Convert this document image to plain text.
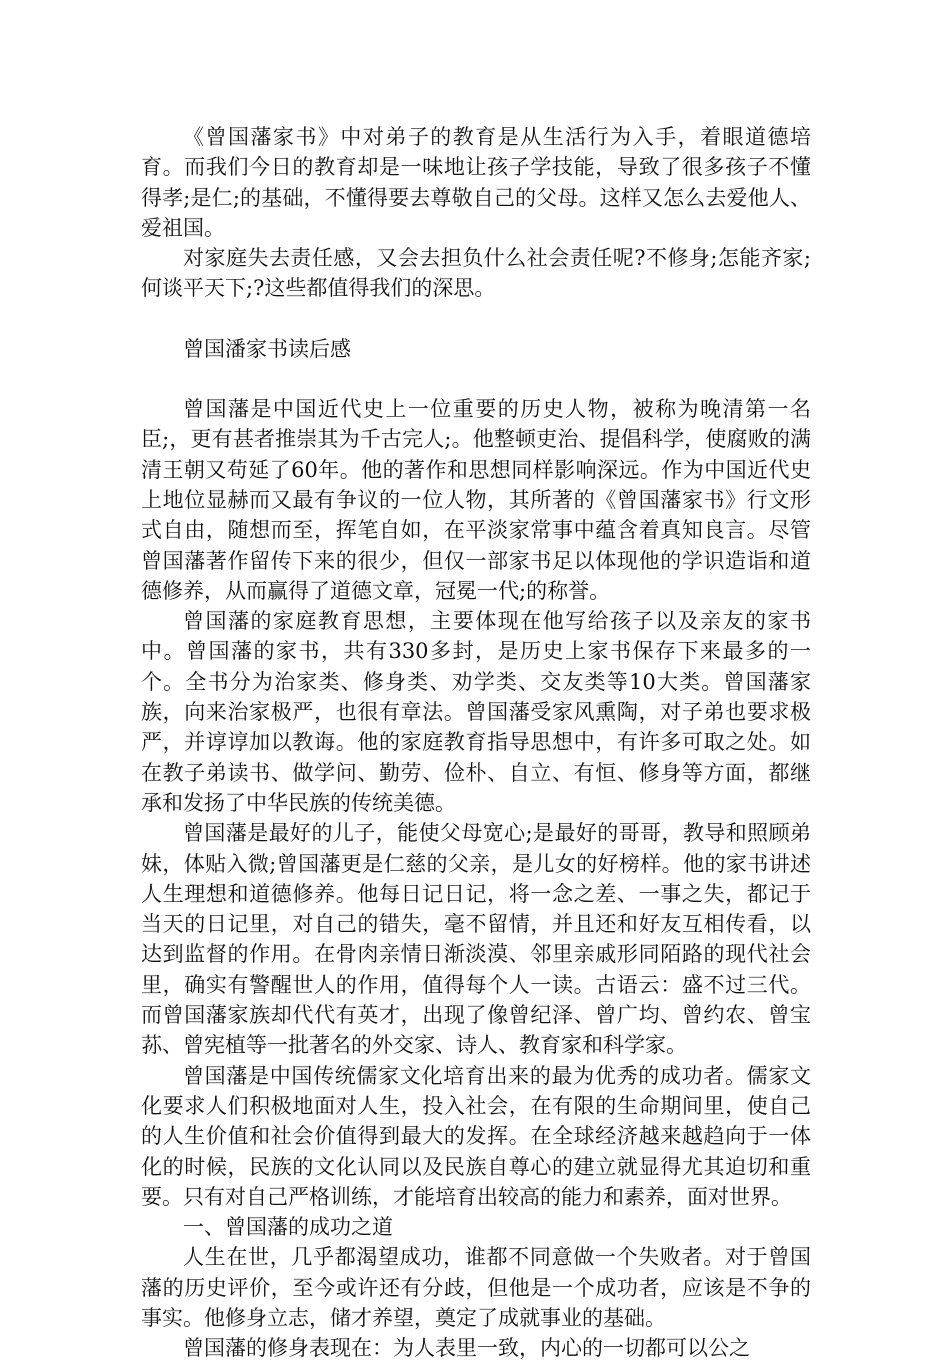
《曾国藩家书》中对弟子的教育是从生活行为入手，着眼道德培育。而我们今日的教育却是一味地让孩子学技能，导致了很多孩子不懂得孝;是仁;的基础，不懂得要去尊敬自己的父母。这样又怎么去爱他人、爱祖国。

对家庭失去责任感，又会去担负什么社会责任呢?不修身;怎能齐家;何谈平天下;?这些都值得我们的深思。

曾国潘家书读后感

曾国藩是中国近代史上一位重要的历史人物，被称为晚清第一名臣;，更有甚者推崇其为千古完人;。他整顿吏治、提倡科学，使腐败的满清王朝又苟延了60年。他的著作和思想同样影响深远。作为中国近代史上地位显赫而又最有争议的一位人物，其所著的《曾国藩家书》行文形式自由，随想而至，挥笔自如，在平淡家常事中蕴含着真知良言。尽管曾国藩著作留传下来的很少，但仅一部家书足以体现他的学识造诣和道德修养，从而赢得了道德文章，冠冕一代;的称誉。

曾国藩的家庭教育思想，主要体现在他写给孩子以及亲友的家书中。曾国藩的家书，共有330多封，是历史上家书保存下来最多的一个。全书分为治家类、修身类、劝学类、交友类等10大类。曾国藩家族，向来治家极严，也很有章法。曾国藩受家风熏陶，对子弟也要求极严，并谆谆加以教诲。他的家庭教育指导思想中，有许多可取之处。如在教子弟读书、做学问、勤劳、俭朴、自立、有恒、修身等方面，都继承和发扬了中华民族的传统美德。

曾国藩是最好的儿子，能使父母宽心;是最好的哥哥，教导和照顾弟妹，体贴入微;曾国藩更是仁慈的父亲，是儿女的好榜样。他的家书讲述人生理想和道德修养。他每日记日记，将一念之差、一事之失，都记于当天的日记里，对自己的错失，毫不留情，并且还和好友互相传看，以达到监督的作用。在骨肉亲情日渐淡漠、邻里亲戚形同陌路的现代社会里，确实有警醒世人的作用，值得每个人一读。古语云：盛不过三代。而曾国藩家族却代代有英才，出现了像曾纪泽、曾广均、曾约农、曾宝荪、曾宪植等一批著名的外交家、诗人、教育家和科学家。

曾国藩是中国传统儒家文化培育出来的最为优秀的成功者。儒家文化要求人们积极地面对人生，投入社会，在有限的生命期间里，使自己的人生价值和社会价值得到最大的发挥。在全球经济越来越趋向于一体化的时候，民族的文化认同以及民族自尊心的建立就显得尤其迫切和重要。只有对自己严格训练，才能培育出较高的能力和素养，面对世界。

一、曾国藩的成功之道

人生在世，几乎都渴望成功，谁都不同意做一个失败者。对于曾国藩的历史评价，至今或许还有分歧，但他是一个成功者，应该是不争的事实。他修身立志，储才养望，奠定了成就事业的基础。

曾国藩的修身表现在：为人表里一致，内心的一切都可以公之
